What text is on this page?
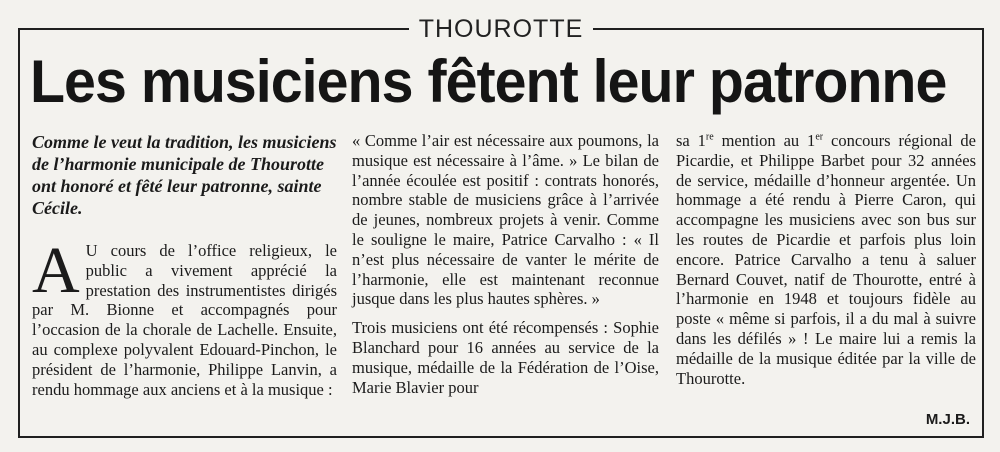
THOUROTTE
Les musiciens fêtent leur patronne

Comme le veut la tradition, les musiciens de l’harmonie municipale de Thourotte ont honoré et fêté leur patronne, sainte Cécile.

A U cours de l’office religieux, le public a vivement apprécié la prestation des instrumentistes dirigés par M. Bionne et accompagnés pour l’occasion de la chorale de Lachelle. Ensuite, au complexe polyvalent Edouard-Pinchon, le président de l’harmonie, Philippe Lanvin, a rendu hommage aux anciens et à la musique :

« Comme l’air est nécessaire aux poumons, la musique est nécessaire à l’âme. » Le bilan de l’année écoulée est positif : contrats honorés, nombre stable de musiciens grâce à l’arrivée de jeunes, nombreux projets à venir. Comme le souligne le maire, Patrice Carvalho : « Il n’est plus nécessaire de vanter le mérite de l’harmonie, elle est maintenant reconnue jusque dans les plus hautes sphères. »

Trois musiciens ont été récompensés : Sophie Blanchard pour 16 années au service de la musique, médaille de la Fédération de l’Oise, Marie Blavier pour

sa 1re mention au 1er concours régional de Picardie, et Philippe Barbet pour 32 années de service, médaille d’honneur argentée. Un hommage a été rendu à Pierre Caron, qui accompagne les musiciens avec son bus sur les routes de Picardie et parfois plus loin encore. Patrice Carvalho a tenu à saluer Bernard Couvet, natif de Thourotte, entré à l’harmonie en 1948 et toujours fidèle au poste « même si parfois, il a du mal à suivre dans les défilés » ! Le maire lui a remis la médaille de la musique éditée par la ville de Thourotte.

M.J.B.
